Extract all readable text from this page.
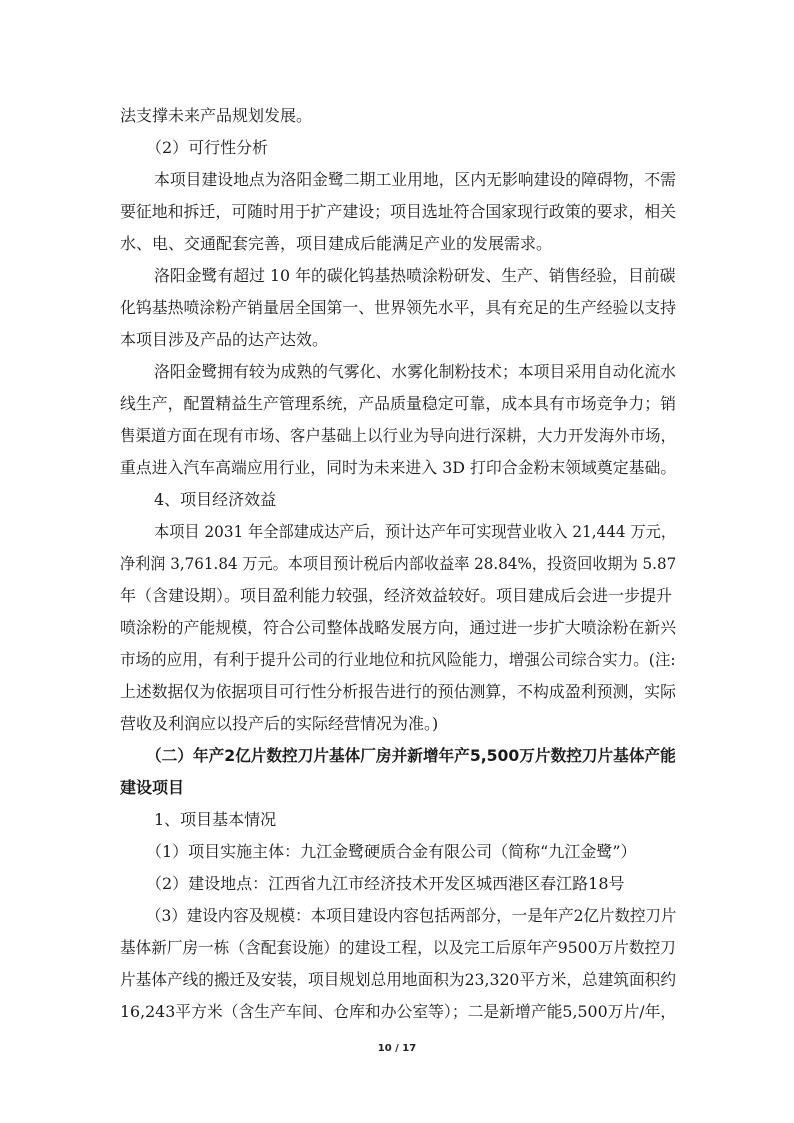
法支撑未来产品规划发展。
（2）可行性分析
本项目建设地点为洛阳金鹭二期工业用地，区内无影响建设的障碍物，不需
要征地和拆迁，可随时用于扩产建设；项目选址符合国家现行政策的要求，相关
水、电、交通配套完善，项目建成后能满足产业的发展需求。
洛阳金鹭有超过 10 年的碳化钨基热喷涂粉研发、生产、销售经验，目前碳
化钨基热喷涂粉产销量居全国第一、世界领先水平，具有充足的生产经验以支持
本项目涉及产品的达产达效。
洛阳金鹭拥有较为成熟的气雾化、水雾化制粉技术；本项目采用自动化流水
线生产，配置精益生产管理系统，产品质量稳定可靠，成本具有市场竞争力；销
售渠道方面在现有市场、客户基础上以行业为导向进行深耕，大力开发海外市场，
重点进入汽车高端应用行业，同时为未来进入 3D 打印合金粉末领域奠定基础。
4、项目经济效益
本项目 2031 年全部建成达产后，预计达产年可实现营业收入 21,444 万元，
净利润 3,761.84 万元。本项目预计税后内部收益率 28.84%，投资回收期为 5.87
年（含建设期）。项目盈利能力较强，经济效益较好。项目建成后会进一步提升
喷涂粉的产能规模，符合公司整体战略发展方向，通过进一步扩大喷涂粉在新兴
市场的应用，有利于提升公司的行业地位和抗风险能力，增强公司综合实力。(注:
上述数据仅为依据项目可行性分析报告进行的预估测算，不构成盈利预测，实际
营收及利润应以投产后的实际经营情况为准。)
（二）年产2亿片数控刀片基体厂房并新增年产5,500万片数控刀片基体产能
建设项目
1、项目基本情况
（1）项目实施主体：九江金鹭硬质合金有限公司（简称“九江金鹭”）
（2）建设地点：江西省九江市经济技术开发区城西港区春江路18号
（3）建设内容及规模：本项目建设内容包括两部分，一是年产2亿片数控刀片
基体新厂房一栋（含配套设施）的建设工程，以及完工后原年产9500万片数控刀
片基体产线的搬迁及安装，项目规划总用地面积为23,320平方米，总建筑面积约
16,243平方米（含生产车间、仓库和办公室等）；二是新增产能5,500万片/年，
10 / 17
